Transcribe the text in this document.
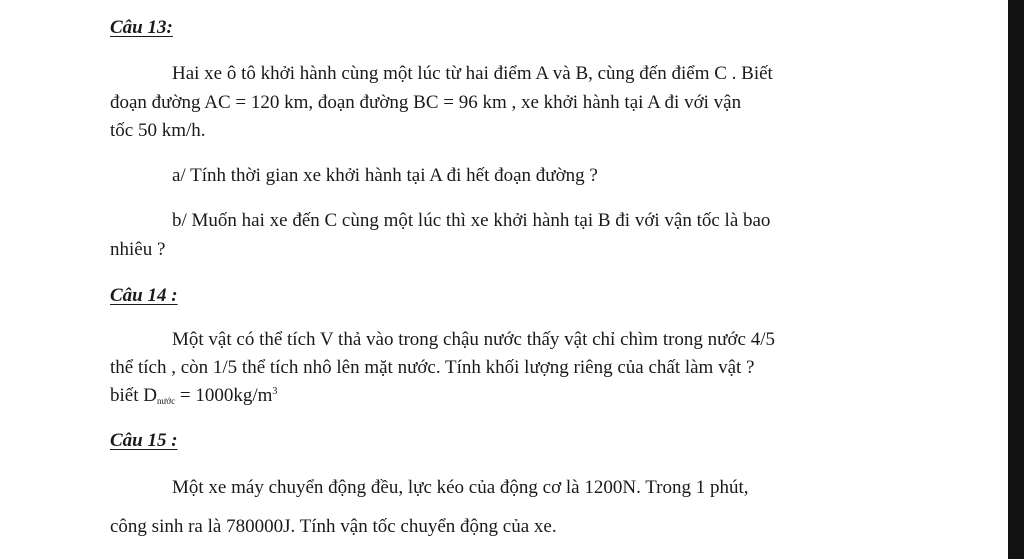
Câu 13:
Hai xe ô tô khởi hành cùng một lúc từ hai điểm A và B, cùng đến điểm C . Biết
đoạn đường AC = 120 km, đoạn đường BC = 96 km , xe khởi hành tại A đi với vận
tốc 50 km/h.
a/ Tính thời gian xe khởi hành tại A đi hết đoạn đường ?
b/ Muốn hai xe đến C cùng một lúc thì xe khởi hành tại B đi với vận tốc là bao
nhiêu ?
Câu 14 :
Một vật có thể tích V thả vào trong chậu nước thấy vật chỉ chìm trong nước 4/5
thể tích , còn 1/5 thể tích nhô lên mặt nước. Tính khối lượng riêng của chất làm vật ?
biết $D_{nước} = 1000kg/m^3$
Câu 15 :
Một xe máy chuyển động đều, lực kéo của động cơ là 1200N. Trong 1 phút,
công sinh ra là 780000J. Tính vận tốc chuyển động của xe.
